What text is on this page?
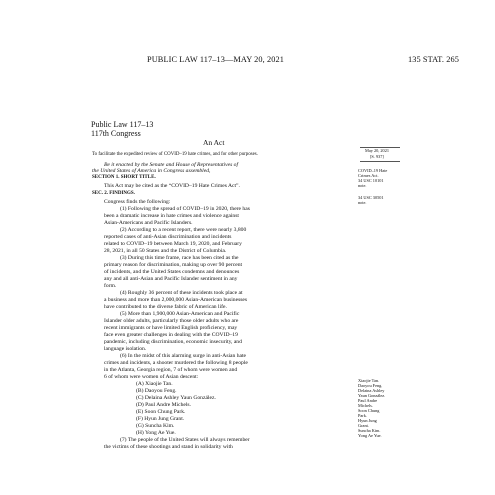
PUBLIC LAW 117–13—MAY 20, 2021	135 STAT. 265
Public Law 117–13
117th Congress
An Act
To facilitate the expedited review of COVID–19 hate crimes, and for other purposes.
Be it enacted by the Senate and House of Representatives of
the United States of America in Congress assembled,
SECTION 1. SHORT TITLE.
This Act may be cited as the “COVID–19 Hate Crimes Act”.
SEC. 2. FINDINGS.
Congress finds the following:
(1) Following the spread of COVID–19 in 2020, there has
been a dramatic increase in hate crimes and violence against
Asian-Americans and Pacific Islanders.
(2) According to a recent report, there were nearly 3,800
reported cases of anti-Asian discrimination and incidents
related to COVID–19 between March 19, 2020, and February
28, 2021, in all 50 States and the District of Columbia.
(3) During this time frame, race has been cited as the
primary reason for discrimination, making up over 90 percent
of incidents, and the United States condemns and denounces
any and all anti-Asian and Pacific Islander sentiment in any
form.
(4) Roughly 36 percent of these incidents took place at
a business and more than 2,000,000 Asian-American businesses
have contributed to the diverse fabric of American life.
(5) More than 1,900,000 Asian-American and Pacific
Islander older adults, particularly those older adults who are
recent immigrants or have limited English proficiency, may
face even greater challenges in dealing with the COVID–19
pandemic, including discrimination, economic insecurity, and
language isolation.
(6) In the midst of this alarming surge in anti-Asian hate
crimes and incidents, a shooter murdered the following 8 people
in the Atlanta, Georgia region, 7 of whom were women and
6 of whom were women of Asian descent:
(A) Xiaojie Tan.
(B) Daoyou Feng.
(C) Delaina Ashley Yaun González.
(D) Paul Andre Michels.
(E) Soon Chung Park.
(F) Hyun Jung Grant.
(G) Suncha Kim.
(H) Yong Ae Yue.
(7) The people of the United States will always remember
the victims of these shootings and stand in solidarity with
May 20, 2021
[S. 937]
COVID–19 Hate
Crimes Act.
34 USC 10101
note.
34 USC 30501
note.
Xiaojie Tan.
Daoyou Feng.
Delaina Ashley
Yaun González.
Paul Andre
Michels.
Soon Chung
Park.
Hyun Jung
Grant.
Suncha Kim.
Yong Ae Yue.
